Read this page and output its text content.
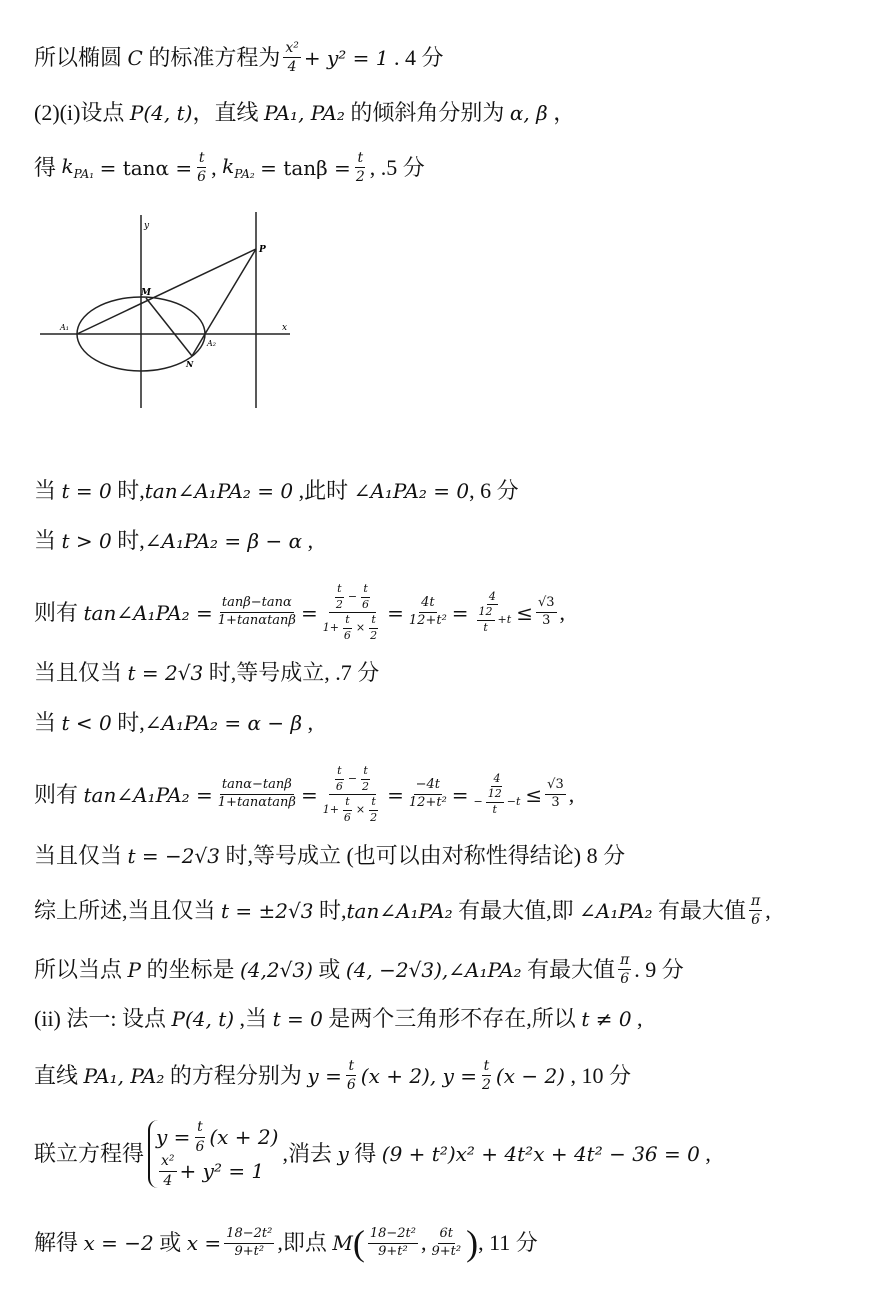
所以椭圆
C
的标准方程为 $\frac{\text{x²}}{4} + y^2 = 1$
. 4 分
(2)(i)设点
P(4, t) ，直线
PA₁, PA₂
的倾斜角分别为
α, β
，
得
$k_{PA_1}$
= $\tan\alpha = \frac{t}{6}$ ,
$k_{PA_2}$
= $\tan\beta = \frac{t}{2}$ , .5 分
y
x
P
M
A₁
A₂
N
当
t = 0
时, tan∠A₁PA₂ = 0
,此时
∠A₁PA₂ = 0 , 6 分
当
t > 0
时, ∠A₁PA₂ = β − α
,
则有
tan∠A₁PA₂ = $\frac{\tan\beta-\tan\alpha}{1+\tan\alpha\tan\beta} = \frac{\frac{t}{2} - \frac{t}{6}}{1+ \frac{t}{6} \times \frac{t}{2}} = \frac{4t}{\text{12+t²}} = \frac{4}{\frac{12}{t} +t} \le \frac{√3}{3}$ ,
当且仅当
t = 2√3
时,等号成立,
.7 分
当
t < 0
时, ∠A₁PA₂ = α − β
,
则有
tan∠A₁PA₂ = $\frac{\tan\alpha-\tan\beta}{1+\tan\alpha\tan\beta} = \frac{\frac{t}{6} - \frac{t}{2}}{1+ \frac{t}{6} \times \frac{t}{2}} = \frac{-4t}{\text{12+t²}} = \frac{4}{- \frac{12}{t} -t} \le \frac{√3}{3}$ ,
当且仅当
t = −2√3
时,等号成立 (也可以由对称性得结论) 8 分
综上所述,当且仅当
t = ±2√3
时, tan∠A₁PA₂
有最大值,即
∠A₁PA₂
有最大值 $\frac{\pi}{6}$ ,
所以当点
P
的坐标是
(4,2√3)
或
(4, −2√3) ,∠A₁PA₂
有最大值 $\frac{\pi}{6}$ . 9 分
(ii) 法一: 设点
P(4, t)
,当
t = 0
是两个三角形不存在,所以
t ≠ 0
,
直线
PA₁, PA₂
的方程分别为
$y = \frac{t}{6} (x + 2)$, $y = \frac{t}{2} (x - 2)$
, 10 分
联立方程得
$y = \frac{t}{6} (x + 2)$
$\frac{\text{x²}}{4} + y^2 = 1$
,消去
y
得
(9 + t²)x² + 4t²x + 4t² − 36 = 0
,
解得
x = −2
或
$x = \frac{\text{18−2t²}}{\text{9+t²}}$ ,即点
M ( $\frac{\text{18−2t²}}{\text{9+t²}}$ , $\frac{6t}{\text{9+t²}}$ ) , 11 分
